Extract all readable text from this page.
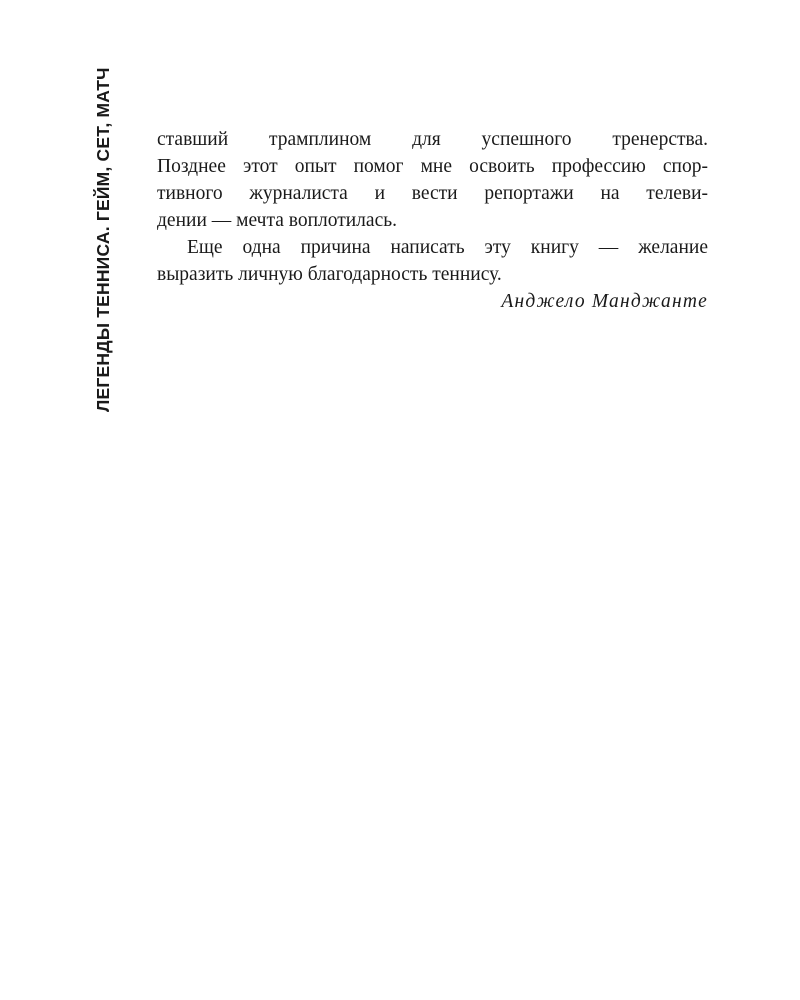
ЛЕГЕНДЫ ТЕННИСА. ГЕЙМ, СЕТ, МАТЧ ставший трамплином для успешного тренерства.
Позднее этот опыт помог мне освоить профессию спор-
тивного журналиста и вести репортажи на телеви-
дении — мечта воплотилась.
Еще одна причина написать эту книгу — желание
выразить личную благодарность теннису.
Анджело Манджанте
